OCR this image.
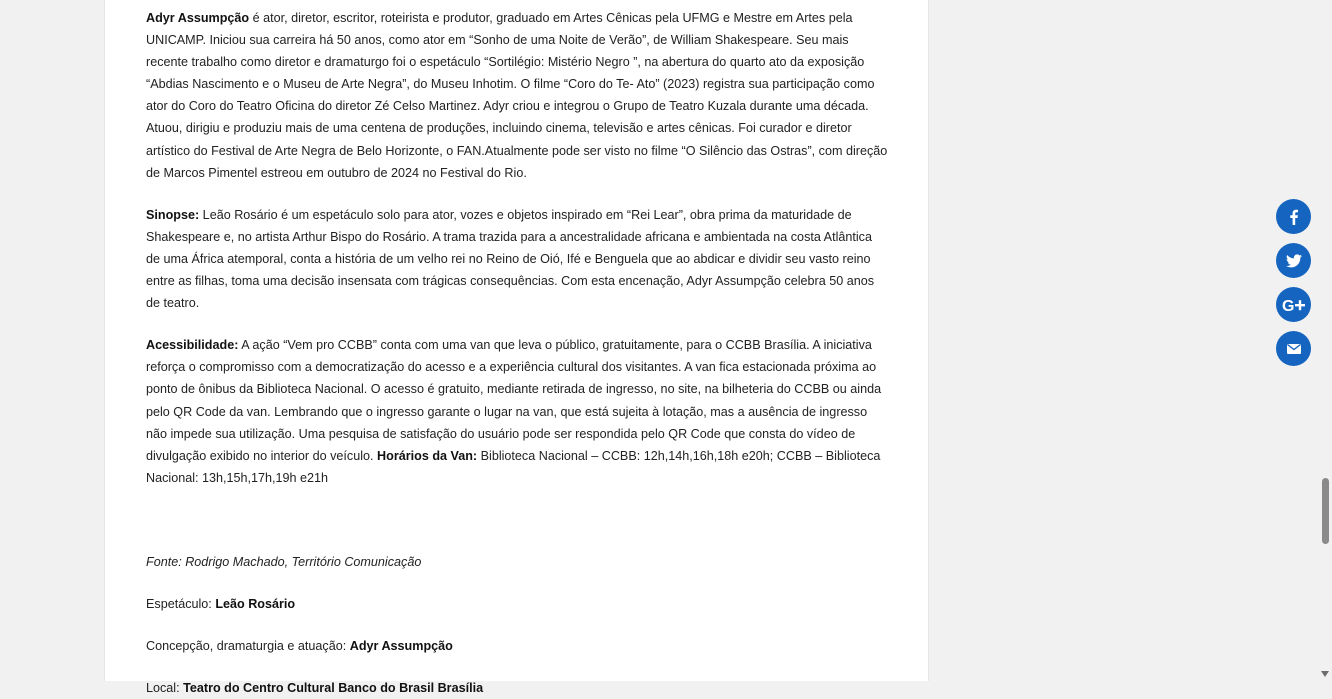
Adyr Assumpção é ator, diretor, escritor, roteirista e produtor, graduado em Artes Cênicas pela UFMG e Mestre em Artes pela UNICAMP. Iniciou sua carreira há 50 anos, como ator em “Sonho de uma Noite de Verão”, de William Shakespeare. Seu mais recente trabalho como diretor e dramaturgo foi o espetáculo “Sortilégio: Mistério Negro ”, na abertura do quarto ato da exposição “Abdias Nascimento e o Museu de Arte Negra”, do Museu Inhotim. O filme “Coro do Te- Ato” (2023) registra sua participação como ator do Coro do Teatro Oficina do diretor Zé Celso Martinez. Adyr criou e integrou o Grupo de Teatro Kuzala durante uma década. Atuou, dirigiu e produziu mais de uma centena de produções, incluindo cinema, televisão e artes cênicas. Foi curador e diretor artístico do Festival de Arte Negra de Belo Horizonte, o FAN.Atualmente pode ser visto no filme “O Silêncio das Ostras”, com direção de Marcos Pimentel estreou em outubro de 2024 no Festival do Rio.

Sinopse: Leão Rosário é um espetáculo solo para ator, vozes e objetos inspirado em “Rei Lear”, obra prima da maturidade de Shakespeare e, no artista Arthur Bispo do Rosário. A trama trazida para a ancestralidade africana e ambientada na costa Atlântica de uma África atemporal, conta a história de um velho rei no Reino de Oió, Ifé e Benguela que ao abdicar e dividir seu vasto reino entre as filhas, toma uma decisão insensata com trágicas consequências. Com esta encenação, Adyr Assumpção celebra 50 anos de teatro.

Acessibilidade: A ação “Vem pro CCBB” conta com uma van que leva o público, gratuitamente, para o CCBB Brasília. A iniciativa reforça o compromisso com a democratização do acesso e a experiência cultural dos visitantes. A van fica estacionada próxima ao ponto de ônibus da Biblioteca Nacional. O acesso é gratuito, mediante retirada de ingresso, no site, na bilheteria do CCBB ou ainda pelo QR Code da van. Lembrando que o ingresso garante o lugar na van, que está sujeita à lotação, mas a ausência de ingresso não impede sua utilização. Uma pesquisa de satisfação do usuário pode ser respondida pelo QR Code que consta do vídeo de divulgação exibido no interior do veículo. Horários da Van: Biblioteca Nacional – CCBB: 12h,14h,16h,18h e20h; CCBB – Biblioteca Nacional: 13h,15h,17h,19h e21h

Fonte: Rodrigo Machado, Território Comunicação

Espetáculo: Leão Rosário

Concepção, dramaturgia e atuação: Adyr Assumpção

Local: Teatro do Centro Cultural Banco do Brasil Brasília

G
